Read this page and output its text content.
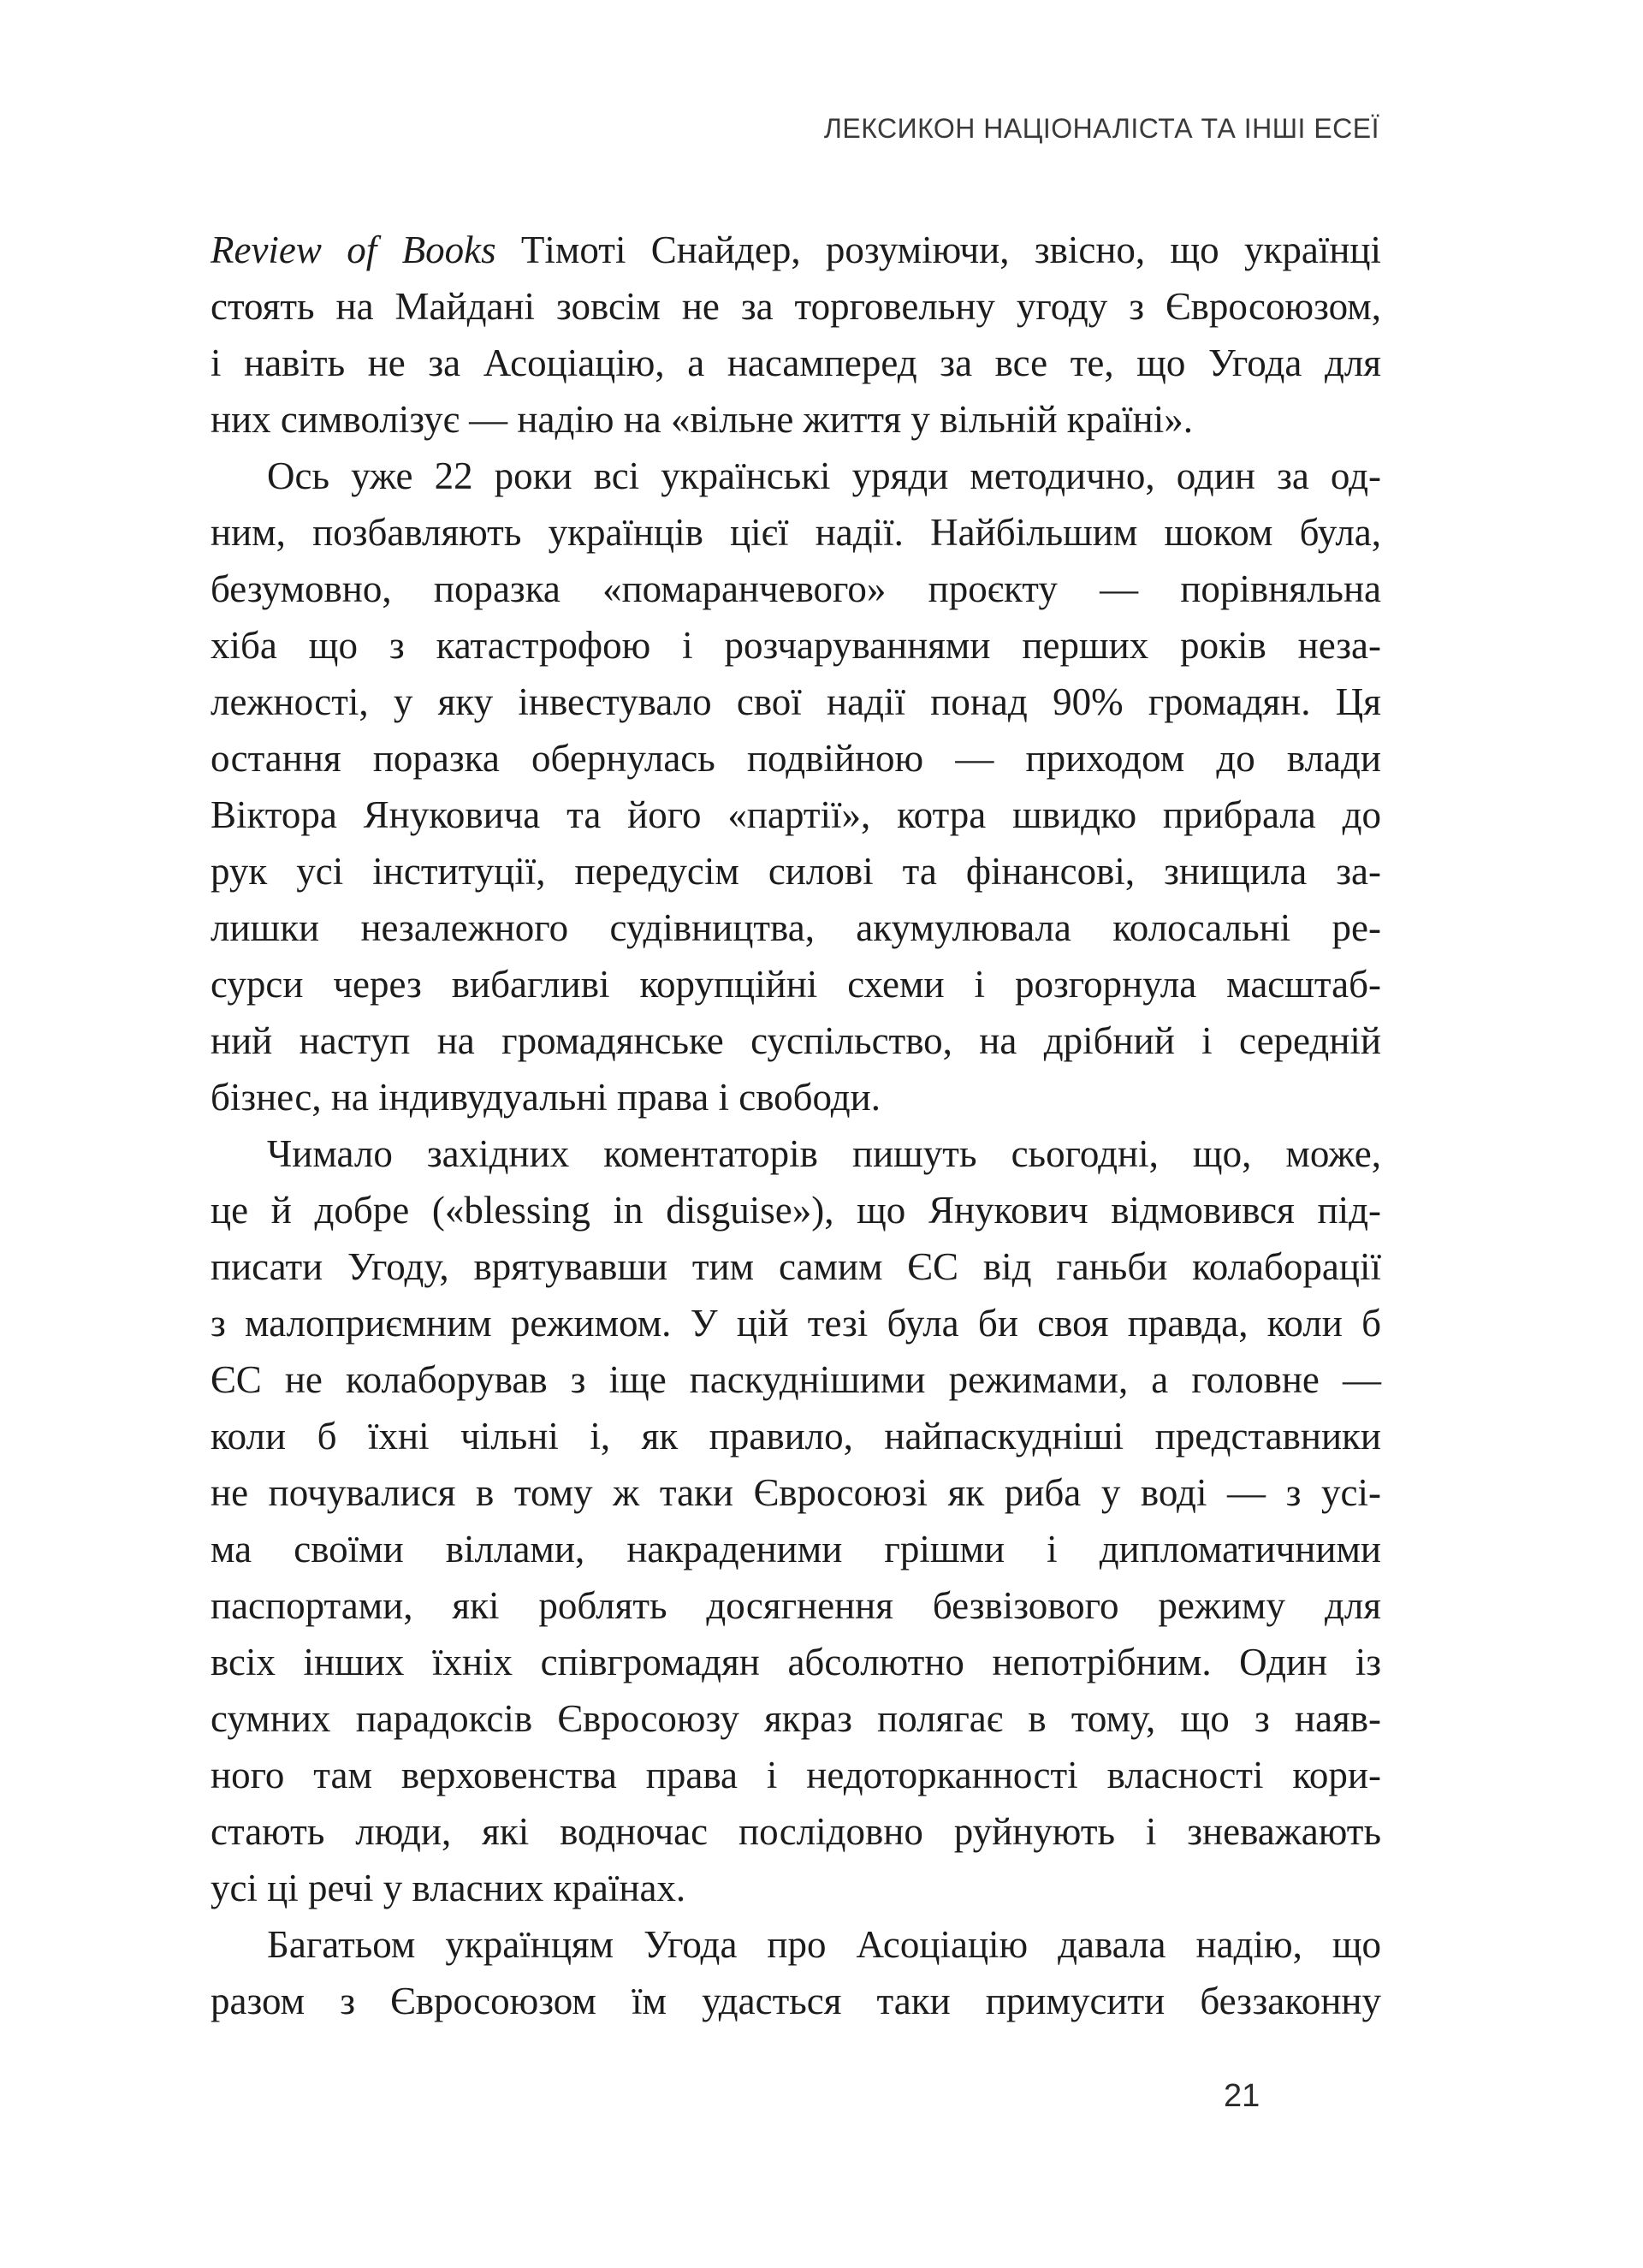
ЛЕКСИКОН НАЦІОНАЛІСТА ТА ІНШІ ЕСЕЇ
Review of Books Тімоті Снайдер, розуміючи, звісно, що українці
стоять на Майдані зовсім не за торговельну угоду з Євросоюзом,
і навіть не за Асоціацію, а насамперед за все те, що Угода для
них символізує — надію на «вільне життя у вільній країні».
Ось уже 22 роки всі українські уряди методично, один за од-
ним, позбавляють українців цієї надії. Найбільшим шоком була,
безумовно, поразка «помаранчевого» проєкту — порівняльна
хіба що з катастрофою і розчаруваннями перших років неза-
лежності, у яку інвестувало свої надії понад 90% громадян. Ця
остання поразка обернулась подвійною — приходом до влади
Віктора Януковича та його «партії», котра швидко прибрала до
рук усі інституції, передусім силові та фінансові, знищила за-
лишки незалежного судівництва, акумулювала колосальні ре-
сурси через вибагливі корупційні схеми і розгорнула масштаб-
ний наступ на громадянське суспільство, на дрібний і середній
бізнес, на індивудуальні права і свободи.
Чимало західних коментаторів пишуть сьогодні, що, може,
це й добре («blessing in disguise»), що Янукович відмовився під-
писати Угоду, врятувавши тим самим ЄС від ганьби колаборації
з малоприємним режимом. У цій тезі була би своя правда, коли б
ЄС не колаборував з іще паскуднішими режимами, а головне —
коли б їхні чільні і, як правило, найпаскудніші представники
не почувалися в тому ж таки Євросоюзі як риба у воді — з усі-
ма своїми віллами, накраденими грішми і дипломатичними
паспортами, які роблять досягнення безвізового режиму для
всіх інших їхніх співгромадян абсолютно непотрібним. Один із
сумних парадоксів Євросоюзу якраз полягає в тому, що з наяв-
ного там верховенства права і недоторканності власності кори-
стають люди, які водночас послідовно руйнують і зневажають
усі ці речі у власних країнах.
Багатьом українцям Угода про Асоціацію давала надію, що
разом з Євросоюзом їм удасться таки примусити беззаконну
21
